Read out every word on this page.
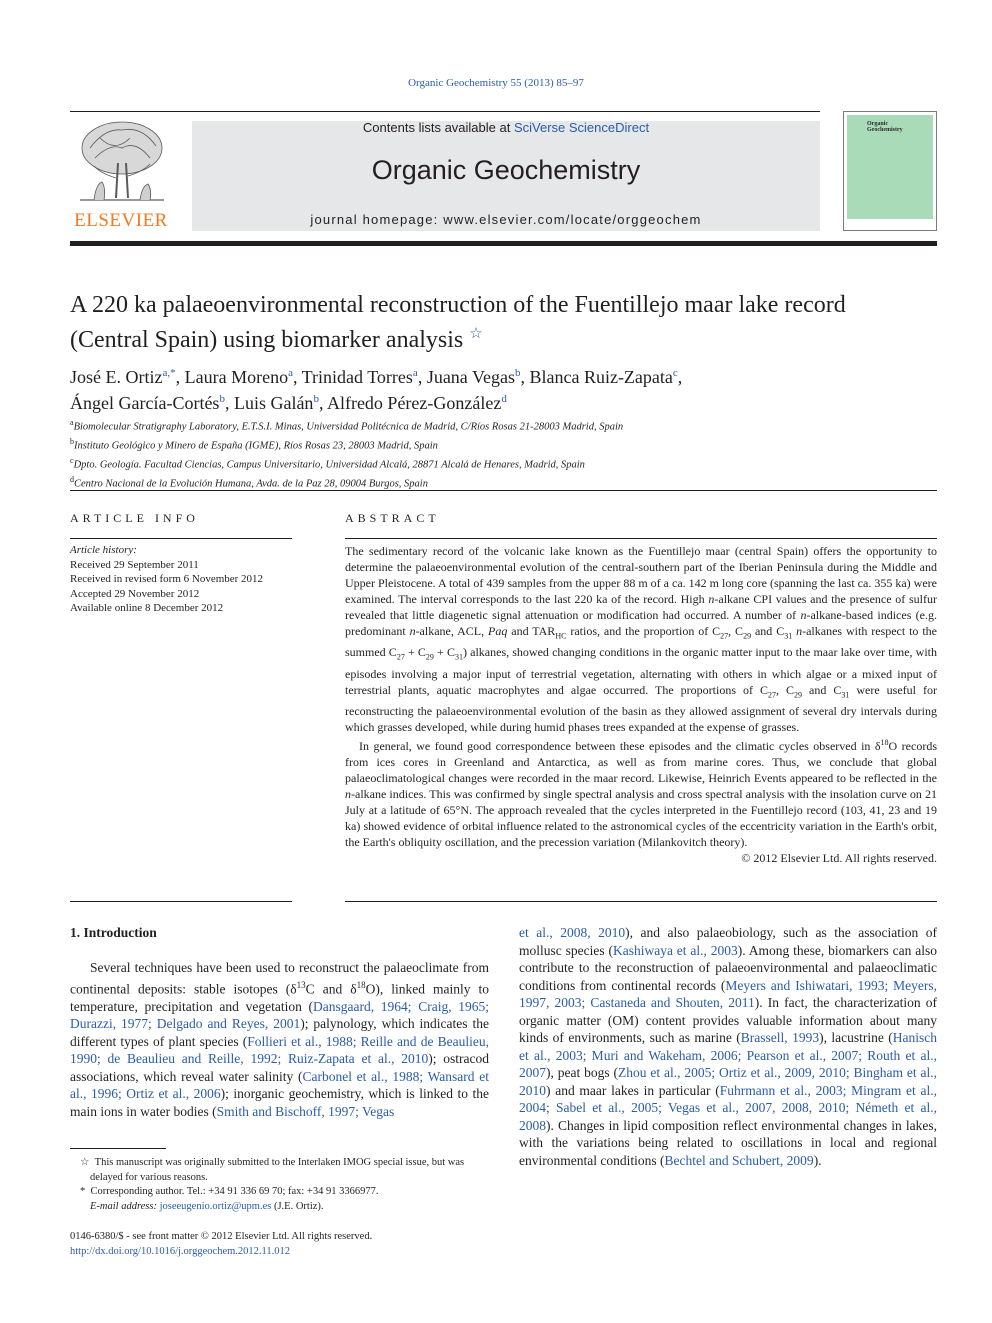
Organic Geochemistry 55 (2013) 85–97
ELSEVIER
Contents lists available at SciVerse ScienceDirect
Organic Geochemistry
journal homepage: www.elsevier.com/locate/orggeochem
Organic Geochemistry
A 220 ka palaeoenvironmental reconstruction of the Fuentillejo maar lake record (Central Spain) using biomarker analysis ☆
José E. Ortiz$^{a,*}$, Laura Moreno$^a$, Trinidad Torres$^a$, Juana Vegas$^b$, Blanca Ruiz-Zapata$^c$,
Ángel García-Cortés$^b$, Luis Galán$^b$, Alfredo Pérez-González$^d$
$^a$Biomolecular Stratigraphy Laboratory, E.T.S.I. Minas, Universidad Politécnica de Madrid, C/Ríos Rosas 21-28003 Madrid, Spain
$^b$Instituto Geológico y Minero de España (IGME), Ríos Rosas 23, 28003 Madrid, Spain
$^c$Dpto. Geología. Facultad Ciencias, Campus Universitario, Universidad Alcalá, 28871 Alcalá de Henares, Madrid, Spain
$^d$Centro Nacional de la Evolución Humana, Avda. de la Paz 28, 09004 Burgos, Spain
ARTICLE INFO	ABSTRACT
Article history:
Received 29 September 2011
Received in revised form 6 November 2012
Accepted 29 November 2012
Available online 8 December 2012

The sedimentary record of the volcanic lake known as the Fuentillejo maar (central Spain) offers the opportunity to determine the palaeoenvironmental evolution of the central-southern part of the Iberian Peninsula during the Middle and Upper Pleistocene. A total of 439 samples from the upper 88 m of a ca. 142 m long core (spanning the last ca. 355 ka) were examined. The interval corresponds to the last 220 ka of the record. High n-alkane CPI values and the presence of sulfur revealed that little diagenetic signal attenuation or modification had occurred. A number of n-alkane-based indices (e.g. predominant n-alkane, ACL, Paq and $TAR_{HC}$ ratios, and the proportion of $C_{27}$, $C_{29}$ and $C_{31}$ n-alkanes with respect to the summed $C_{27} + C_{29} + C_{31}$) alkanes, showed changing conditions in the organic matter input to the maar lake over time, with episodes involving a major input of terrestrial vegetation, alternating with others in which algae or a mixed input of terrestrial plants, aquatic macrophytes and algae occurred. The proportions of $C_{27}$, $C_{29}$ and $C_{31}$ were useful for reconstructing the palaeoenvironmental evolution of the basin as they allowed assignment of several dry intervals during which grasses developed, while during humid phases trees expanded at the expense of grasses.

In general, we found good correspondence between these episodes and the climatic cycles observed in $\delta^{18}O$ records from ices cores in Greenland and Antarctica, as well as from marine cores. Thus, we conclude that global palaeoclimatological changes were recorded in the maar record. Likewise, Heinrich Events appeared to be reflected in the n-alkane indices. This was confirmed by single spectral analysis and cross spectral analysis with the insolation curve on 21 July at a latitude of 65°N. The approach revealed that the cycles interpreted in the Fuentillejo record (103, 41, 23 and 19 ka) showed evidence of orbital influence related to the astronomical cycles of the eccentricity variation in the Earth's orbit, the Earth's obliquity oscillation, and the precession variation (Milankovitch theory).

© 2012 Elsevier Ltd. All rights reserved.

1. Introduction

Several techniques have been used to reconstruct the palaeoclimate from continental deposits: stable isotopes ($\delta^{13}C$ and $\delta^{18}O$), linked mainly to temperature, precipitation and vegetation (Dansgaard, 1964; Craig, 1965; Durazzi, 1977; Delgado and Reyes, 2001); palynology, which indicates the different types of plant species (Follieri et al., 1988; Reille and de Beaulieu, 1990; de Beaulieu and Reille, 1992; Ruiz-Zapata et al., 2010); ostracod associations, which reveal water salinity (Carbonel et al., 1988; Wansard et al., 1996; Ortiz et al., 2006); inorganic geochemistry, which is linked to the main ions in water bodies (Smith and Bischoff, 1997; Vegas

et al., 2008, 2010), and also palaeobiology, such as the association of mollusc species (Kashiwaya et al., 2003). Among these, biomarkers can also contribute to the reconstruction of palaeoenvironmental and palaeoclimatic conditions from continental records (Meyers and Ishiwatari, 1993; Meyers, 1997, 2003; Castaneda and Shouten, 2011). In fact, the characterization of organic matter (OM) content provides valuable information about many kinds of environments, such as marine (Brassell, 1993), lacustrine (Hanisch et al., 2003; Muri and Wakeham, 2006; Pearson et al., 2007; Routh et al., 2007), peat bogs (Zhou et al., 2005; Ortiz et al., 2009, 2010; Bingham et al., 2010) and maar lakes in particular (Fuhrmann et al., 2003; Mingram et al., 2004; Sabel et al., 2005; Vegas et al., 2007, 2008, 2010; Németh et al., 2008). Changes in lipid composition reflect environmental changes in lakes, with the variations being related to oscillations in local and regional environmental conditions (Bechtel and Schubert, 2009).

☆ This manuscript was originally submitted to the Interlaken IMOG special issue, but was delayed for various reasons.

* Corresponding author. Tel.: +34 91 336 69 70; fax: +34 91 3366977.

E-mail address: joseeugenio.ortiz@upm.es (J.E. Ortiz).

0146-6380/$ - see front matter © 2012 Elsevier Ltd. All rights reserved.
http://dx.doi.org/10.1016/j.orggeochem.2012.11.012
